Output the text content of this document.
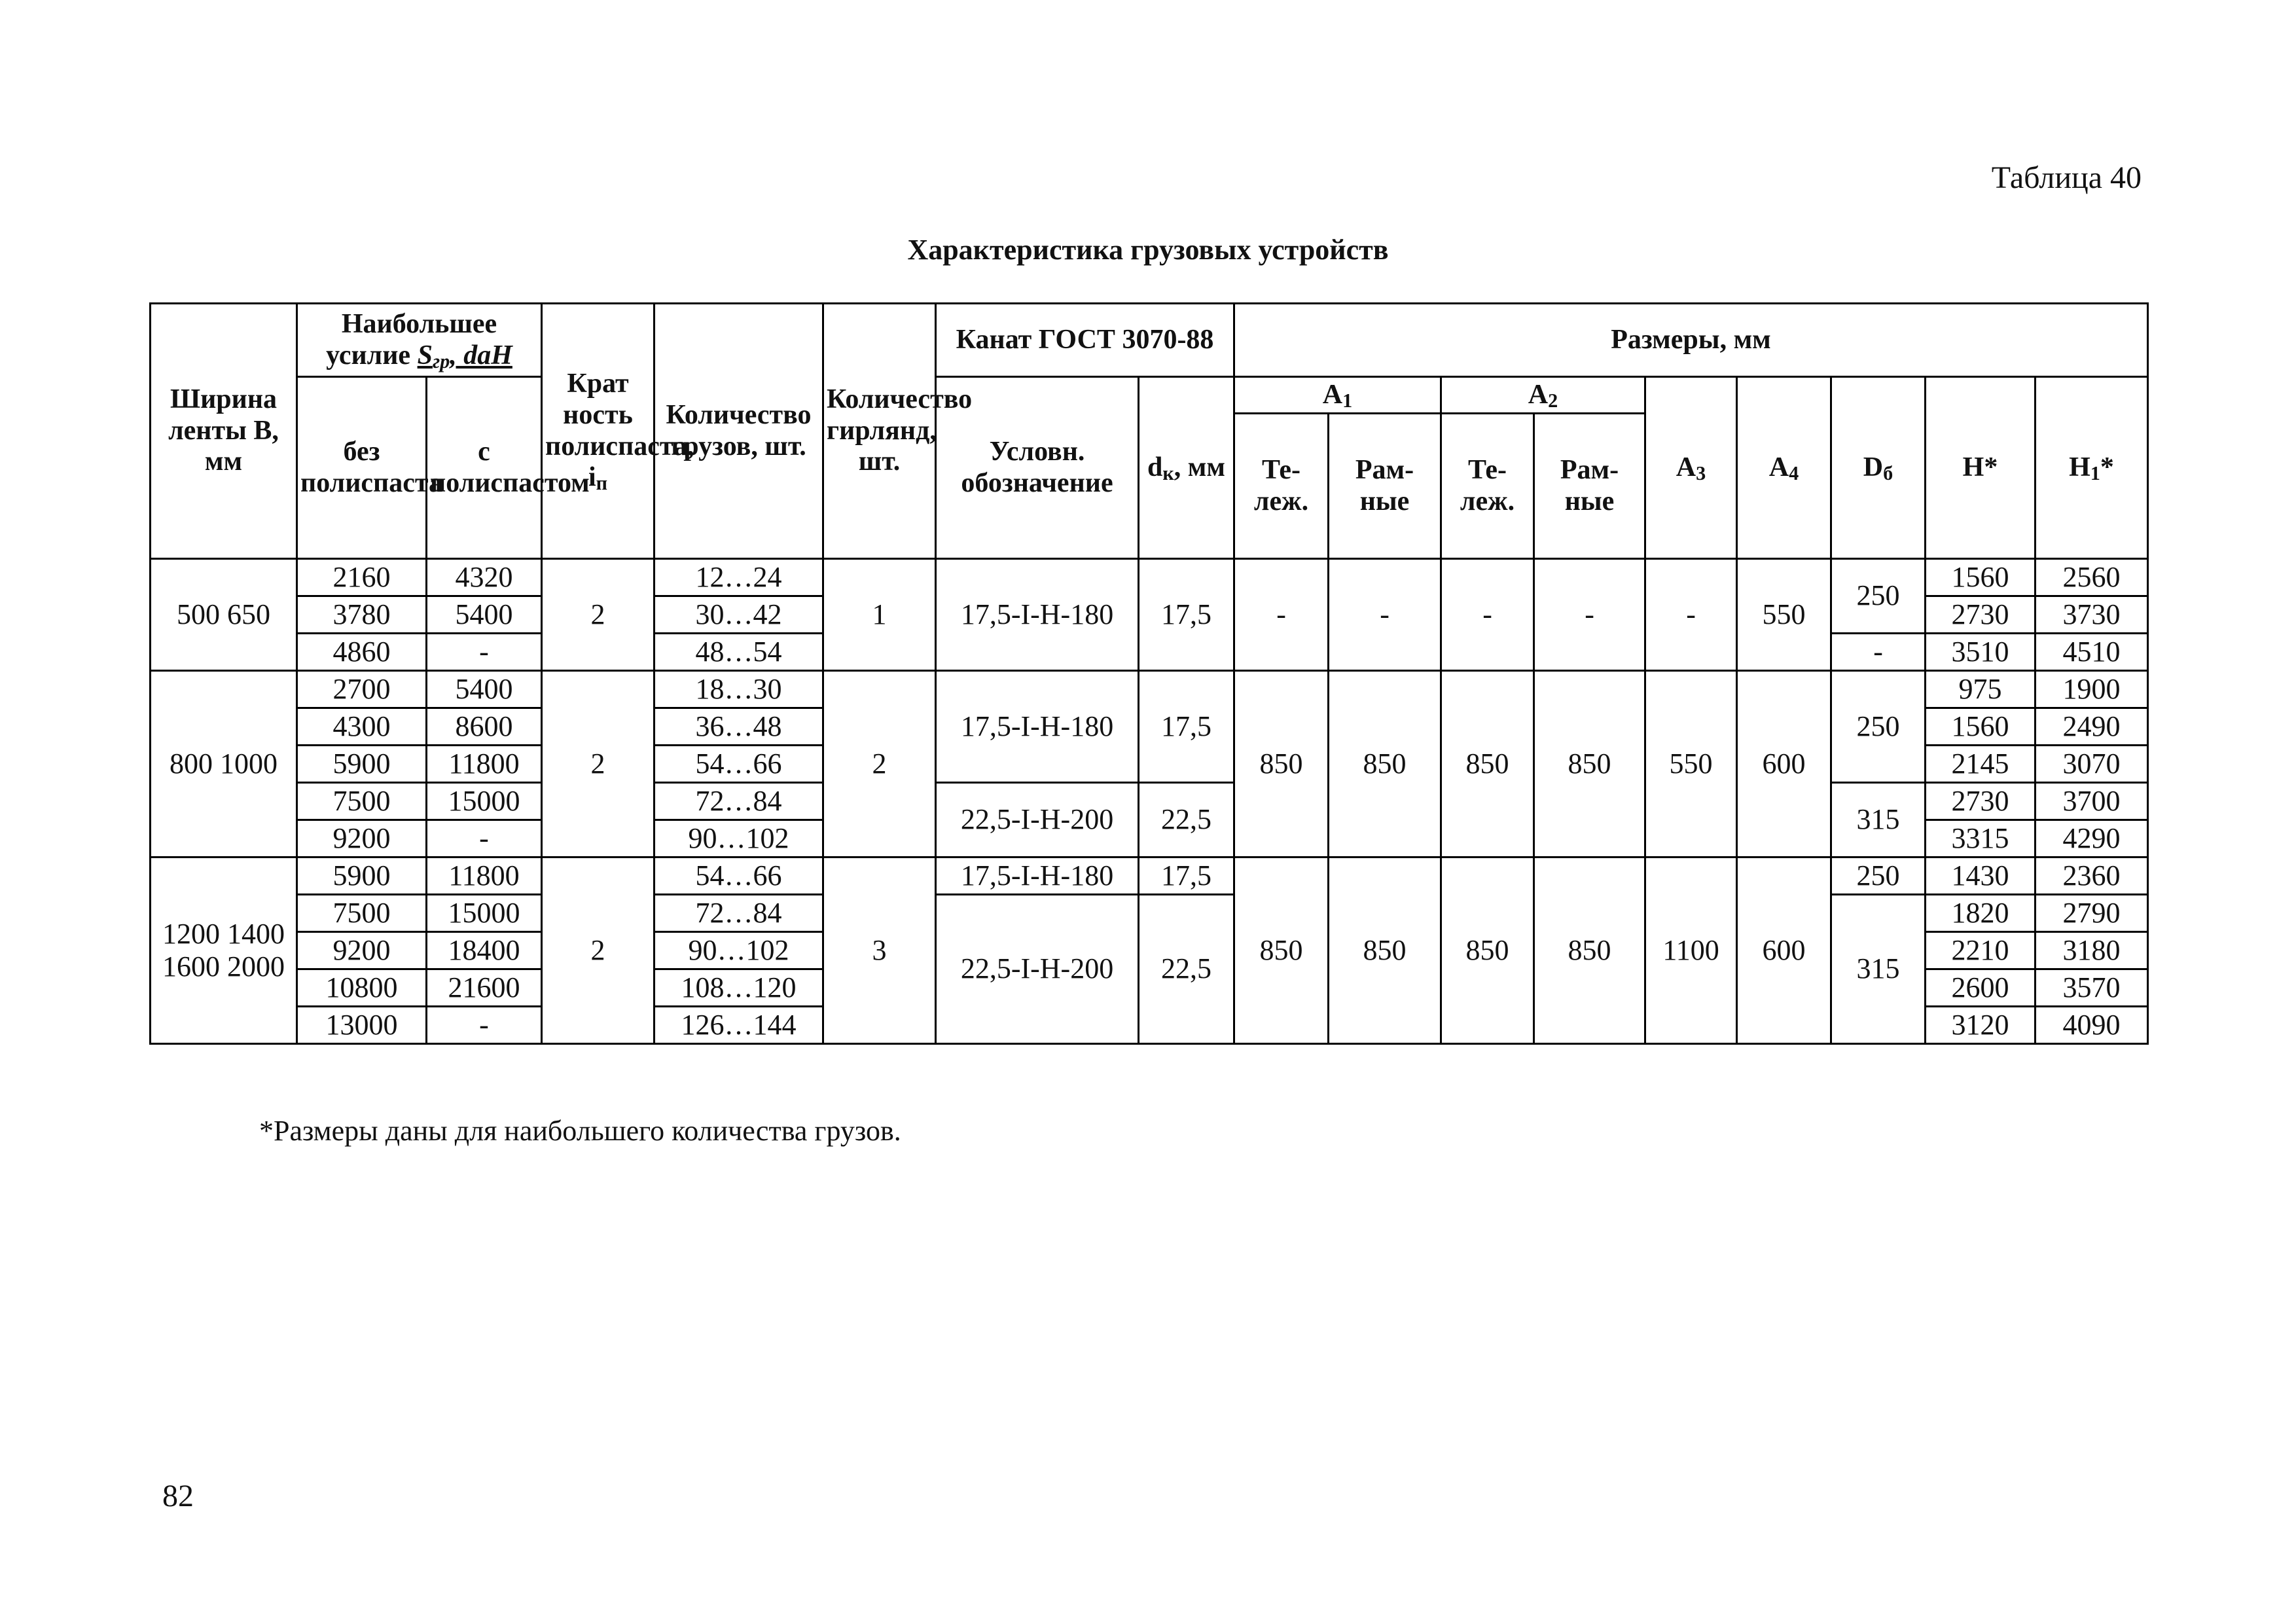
Таблица 40
Характеристика грузовых устройств
Ширина ленты В, мм	Наибольшее усилие $S_{гр}$, daН		Крат ность полиспаста, $i_п$	Количество грузов, шт.	Количество гирлянд, шт.	Канат ГОСТ 3070-88		Размеры, мм								
	без полиспаста	с полиспастом				Условн. обозначение	$d_к$, мм	$А_1$		$А_2$		$А_3$	$А_4$	$D_б$	Н*	$Н_1*$
								Те-леж.	Рам-ные	Те-леж.	Рам-ные					
500 650	2160	4320	2	12…24	1	17,5-I-Н-180	17,5	-	-	-	-	-	550	250	1560	2560
	3780	5400		30…42											2730	3730
	4860	-		48…54										-	3510	4510
800 1000	2700	5400	2	18…30	2	17,5-I-Н-180	17,5	850	850	850	850	550	600	250	975	1900
	4300	8600		36…48											1560	2490
	5900	11800		54…66											2145	3070
	7500	15000		72…84		22,5-I-Н-200	22,5							315	2730	3700
	9200	-		90…102											3315	4290
1200 1400 1600 2000	5900	11800	2	54…66	3	17,5-I-Н-180	17,5	850	850	850	850	1100	600	250	1430	2360
	7500	15000		72…84		22,5-I-Н-200	22,5							315	1820	2790
	9200	18400		90…102											2210	3180
	10800	21600		108…120											2600	3570
	13000	-		126…144											3120	4090
*Размеры даны для наибольшего количества грузов.
82
